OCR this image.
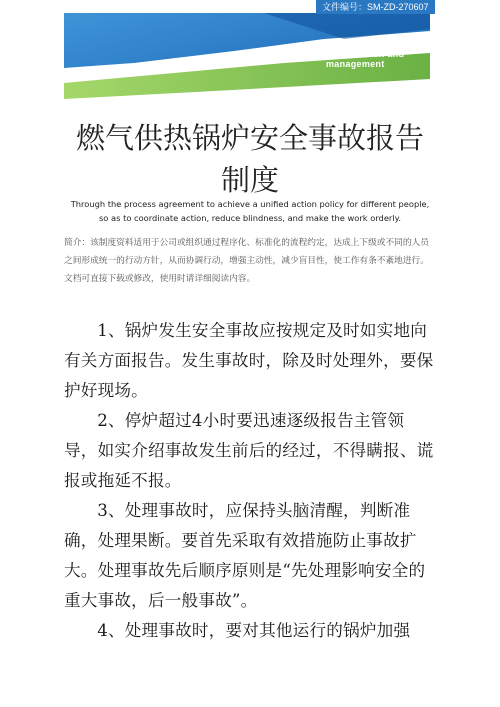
Organization and management
文件编号：SM-ZD-270607
燃气供热锅炉安全事故报告
制度

Through the process agreement to achieve a unified action policy for different people, so as to coordinate action, reduce blindness, and make the work orderly.

简介：该制度资料适用于公司或组织通过程序化、标准化的流程约定，达成上下级或不同的人员之间形成统一的行动方针，从而协调行动，增强主动性，减少盲目性，使工作有条不紊地进行。文档可直接下载或修改，使用时请详细阅读内容。

1、锅炉发生安全事故应按规定及时如实地向有关方面报告。发生事故时，除及时处理外，要保护好现场。

2、停炉超过4小时要迅速逐级报告主管领导，如实介绍事故发生前后的经过，不得瞒报、谎报或拖延不报。

3、处理事故时，应保持头脑清醒，判断准确，处理果断。要首先采取有效措施防止事故扩大。处理事故先后顺序原则是“先处理影响安全的重大事故，后一般事故”。

4、处理事故时，要对其他运行的锅炉加强
